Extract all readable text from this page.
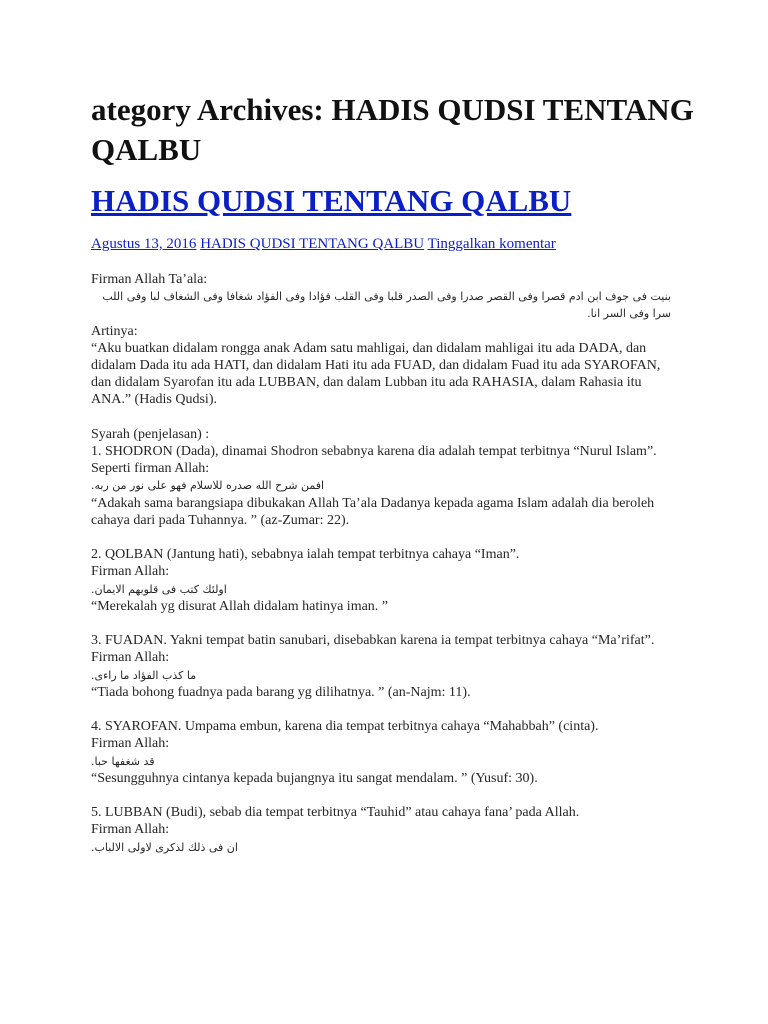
ategory Archives: HADIS QUDSI TENTANG QALBU
HADIS QUDSI TENTANG QALBU
Agustus 13, 2016 HADIS QUDSI TENTANG QALBU Tinggalkan komentar
Firman Allah Ta’ala:
بنيت فى جوف ابن ادم قصرا وفى القصر صدرا وفى الصدر قلبا وفى القلب فؤادا وفى الفؤاد شغافا وفى الشغاف لبا وفى اللب
سرا وفى السر انا.
Artinya:
“Aku buatkan didalam rongga anak Adam satu mahligai, dan didalam mahligai itu ada DADA, dan didalam Dada itu ada HATI, dan didalam Hati itu ada FUAD, dan didalam Fuad itu ada SYAROFAN, dan didalam Syarofan itu ada LUBBAN, dan dalam Lubban itu ada RAHASIA, dalam Rahasia itu ANA.” (Hadis Qudsi).
Syarah (penjelasan) :
1. SHODRON (Dada), dinamai Shodron sebabnya karena dia adalah tempat terbitnya “Nurul Islam”.
Seperti firman Allah:
افمن شرح الله صدره للاسلام فهو على نور من ربه.
“Adakah sama barangsiapa dibukakan Allah Ta’ala Dadanya kepada agama Islam adalah dia beroleh cahaya dari pada Tuhannya. ” (az-Zumar: 22).
2. QOLBAN (Jantung hati), sebabnya ialah tempat terbitnya cahaya “Iman”.
Firman Allah:
اولئك كتب فى قلوبهم الايمان.
“Merekalah yg disurat Allah didalam hatinya iman. ”
3. FUADAN. Yakni tempat batin sanubari, disebabkan karena ia tempat terbitnya cahaya “Ma’rifat”.
Firman Allah:
ما كذب الفؤاد ما راءى.
“Tiada bohong fuadnya pada barang yg dilihatnya. ” (an-Najm: 11).
4. SYAROFAN. Umpama embun, karena dia tempat terbitnya cahaya “Mahabbah” (cinta).
Firman Allah:
قد شغفها حبا.
“Sesungguhnya cintanya kepada bujangnya itu sangat mendalam. ” (Yusuf: 30).
5. LUBBAN (Budi), sebab dia tempat terbitnya “Tauhid” atau cahaya fana’ pada Allah.
Firman Allah:
ان فى ذلك لذكرى لاولى الالباب.
